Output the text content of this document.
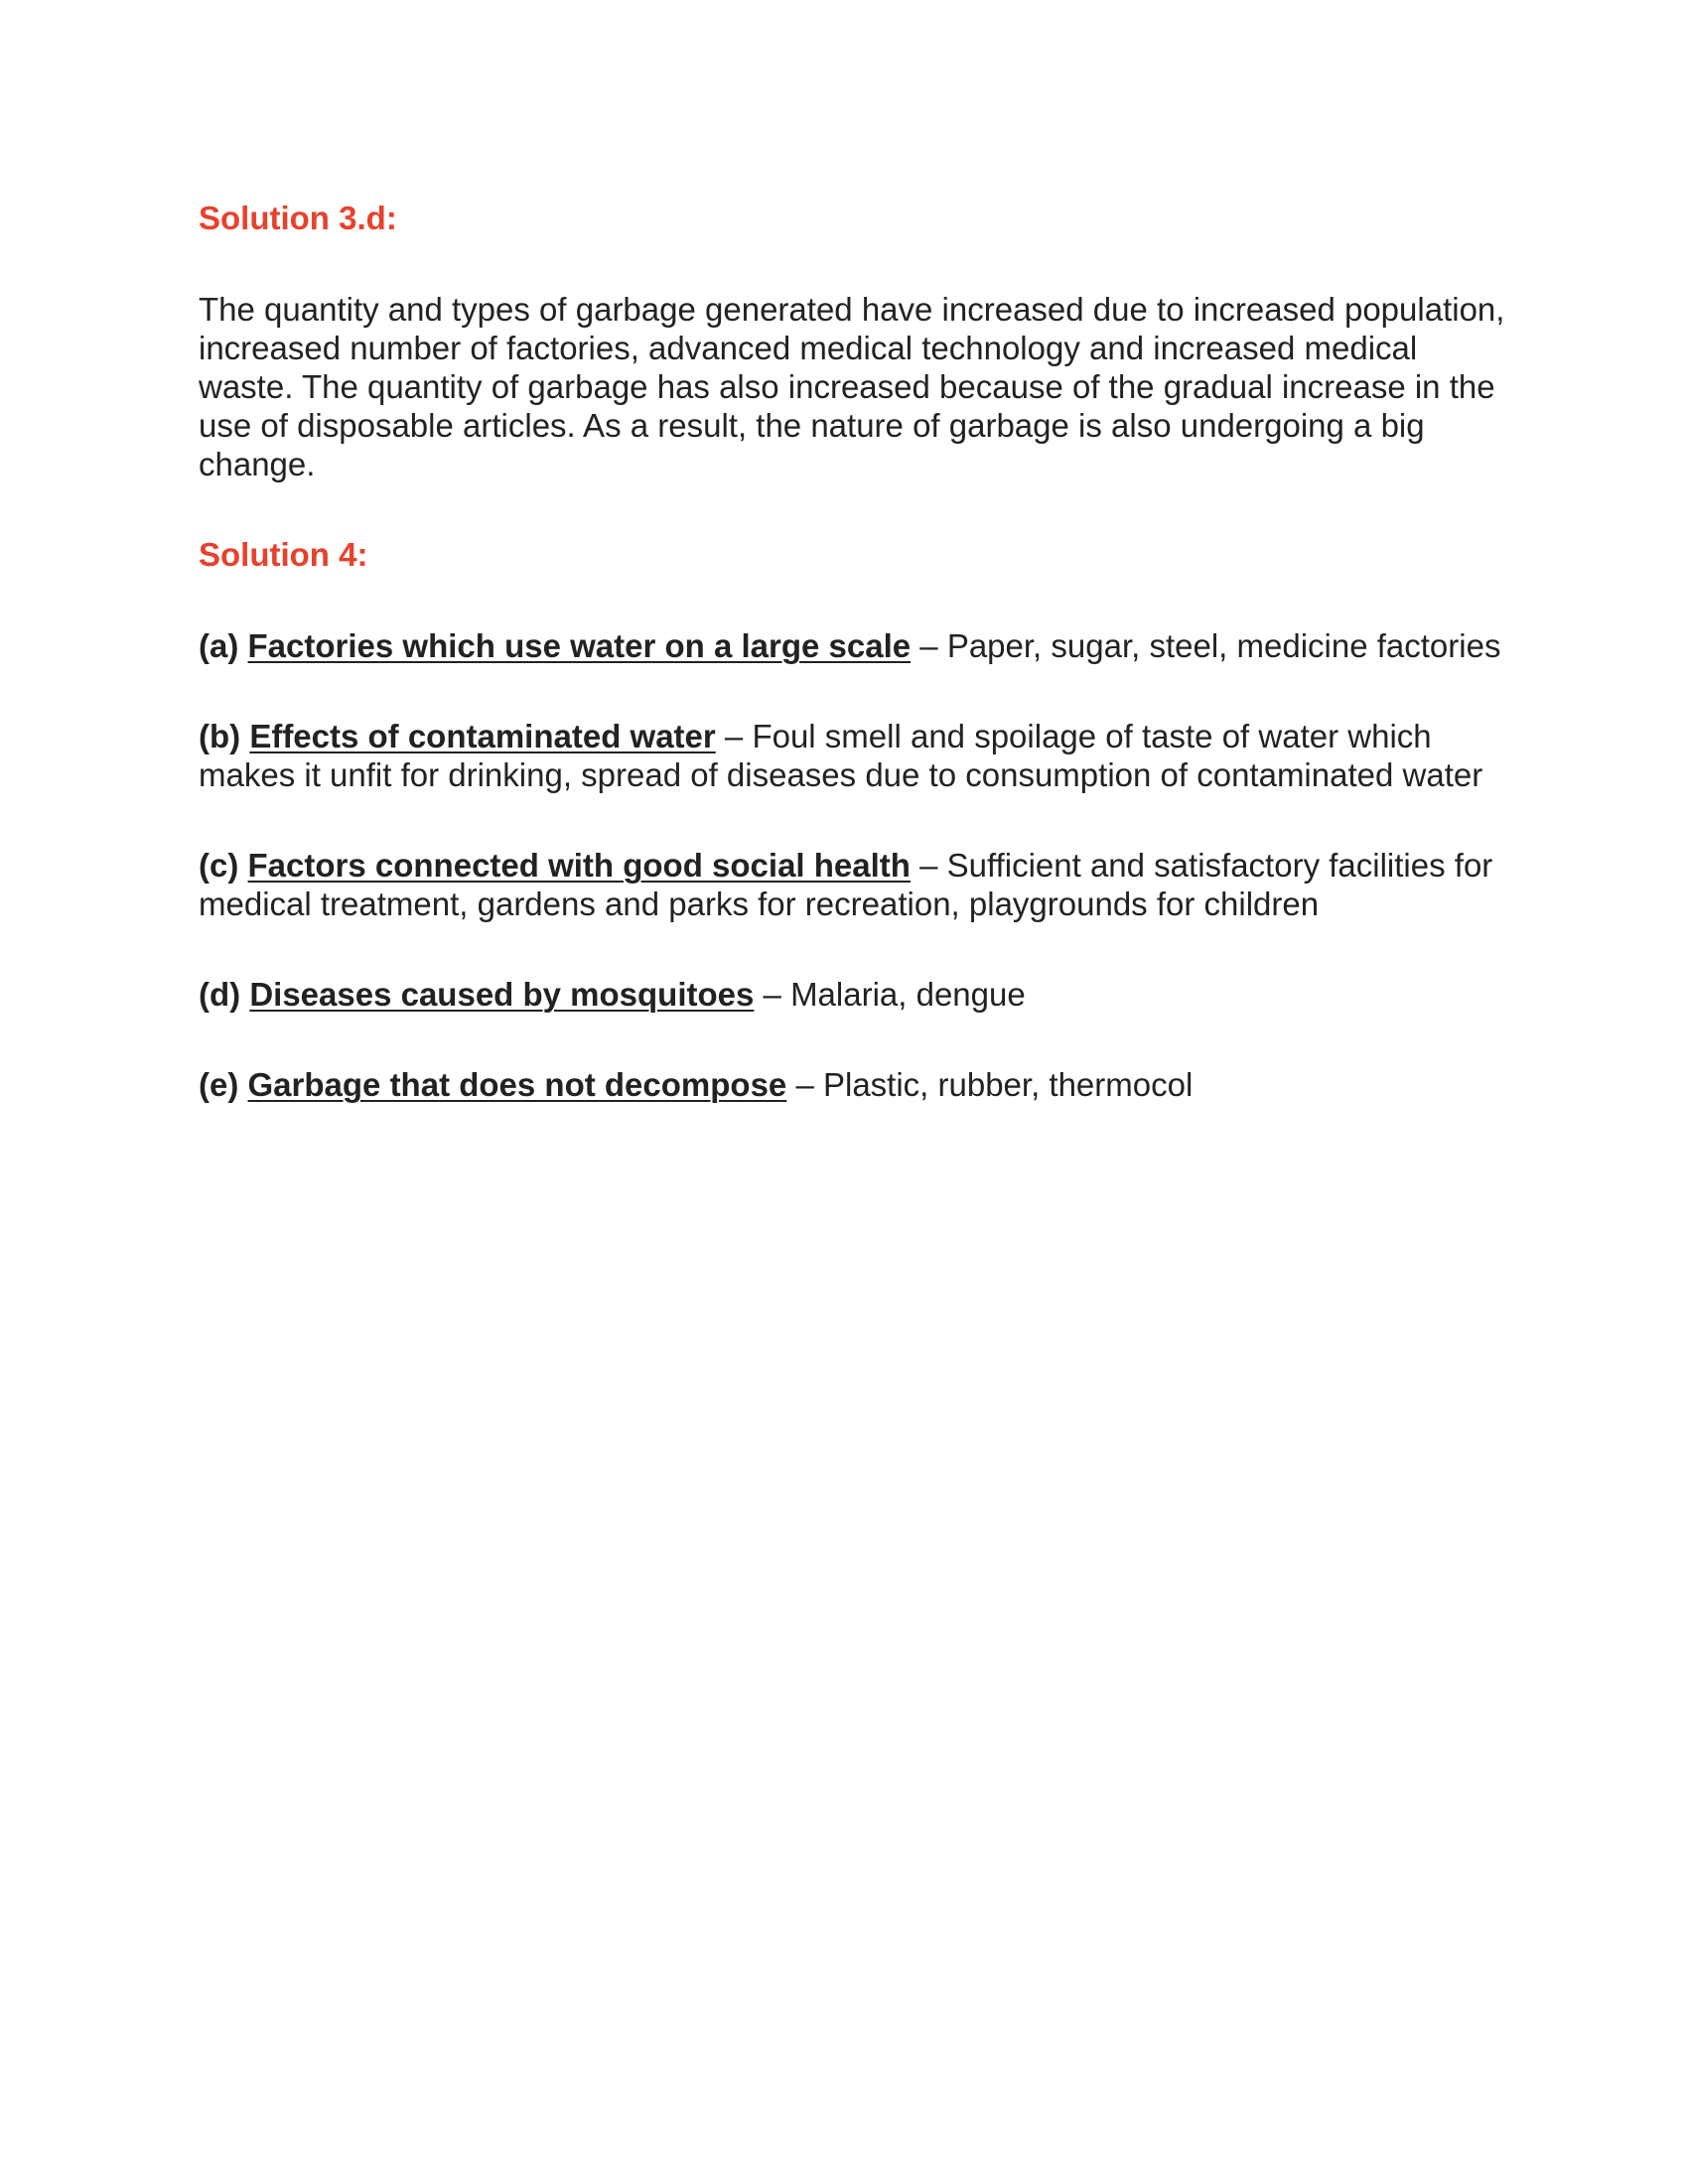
Solution 3.d:

The quantity and types of garbage generated have increased due to increased population, increased number of factories, advanced medical technology and increased medical waste. The quantity of garbage has also increased because of the gradual increase in the use of disposable articles. As a result, the nature of garbage is also undergoing a big change.

Solution 4:

(a) Factories which use water on a large scale – Paper, sugar, steel, medicine factories

(b) Effects of contaminated water – Foul smell and spoilage of taste of water which makes it unfit for drinking, spread of diseases due to consumption of contaminated water

(c) Factors connected with good social health – Sufficient and satisfactory facilities for medical treatment, gardens and parks for recreation, playgrounds for children

(d) Diseases caused by mosquitoes – Malaria, dengue

(e) Garbage that does not decompose – Plastic, rubber, thermocol
